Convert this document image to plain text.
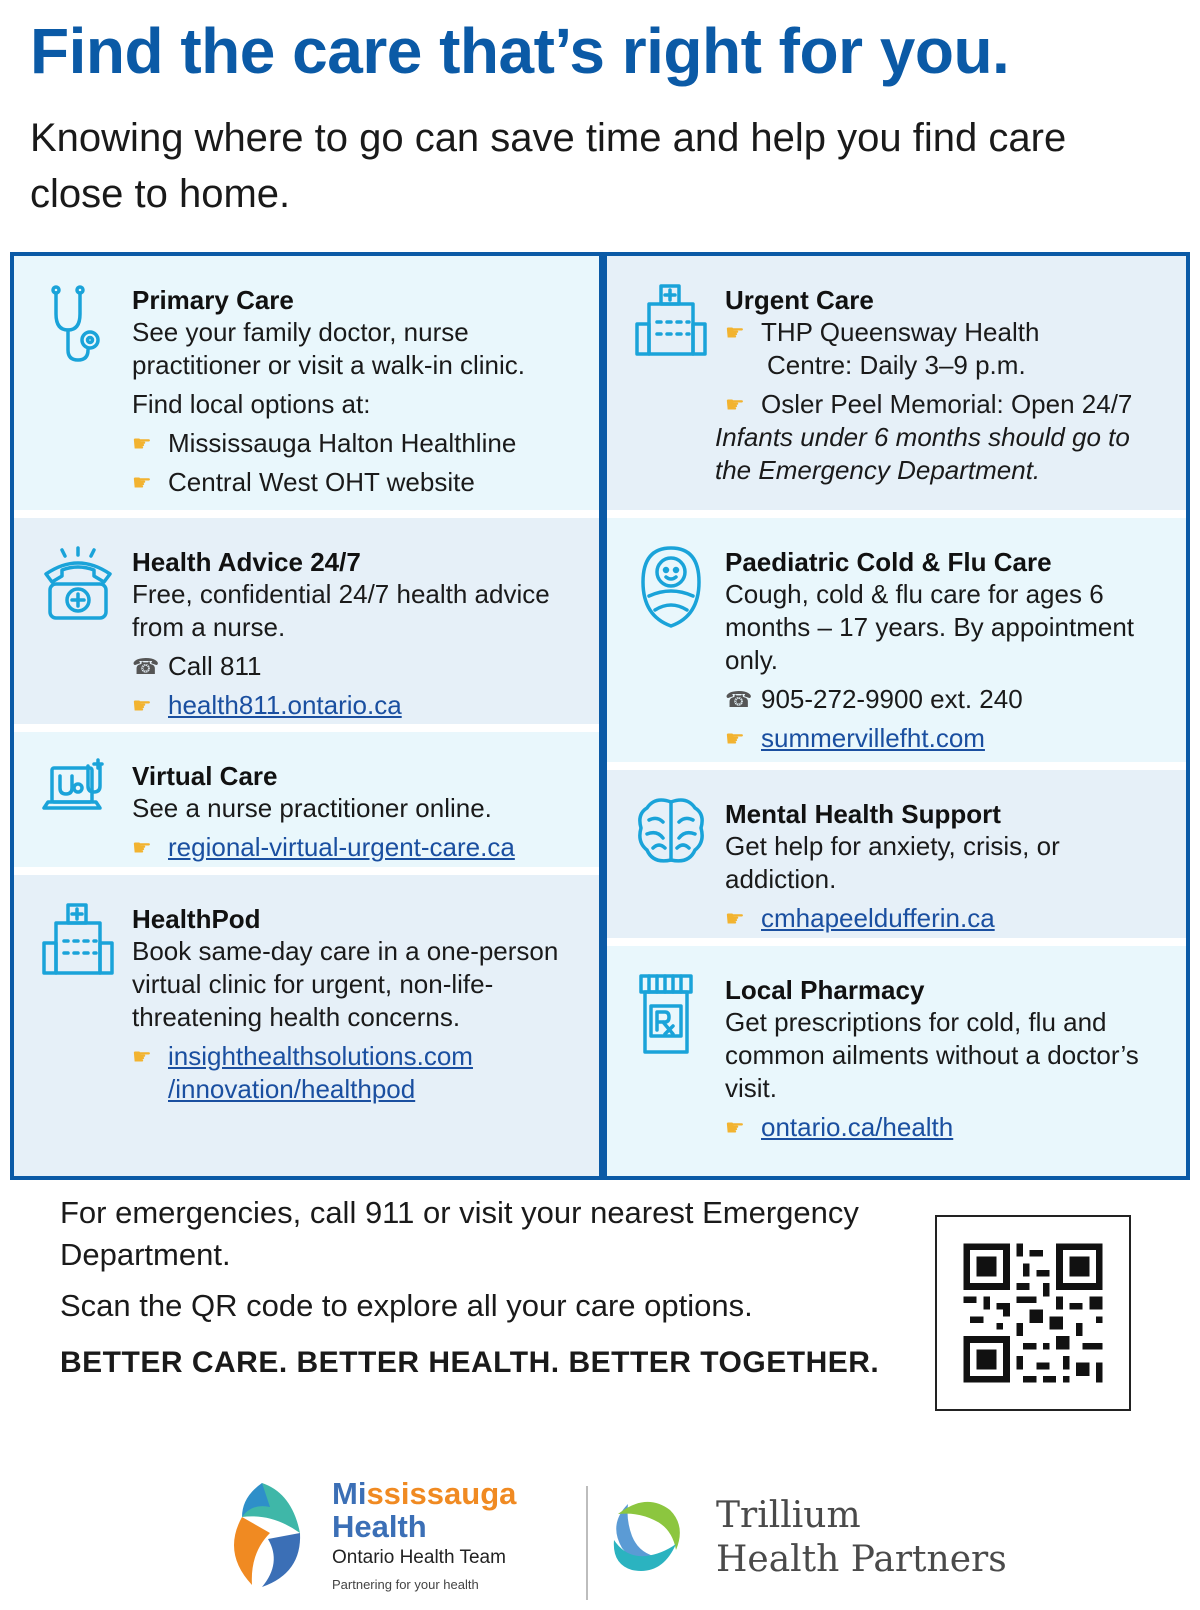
Find the care that’s right for you.
Knowing where to go can save time and help you find care close to home.
Primary Care

See your family doctor, nurse practitioner or visit a walk-in clinic.

Find local options at:

☛ Mississauga Halton Healthline
☛ Central West OHT website
Health Advice 24/7

Free, confidential 24/7 health advice from a nurse.

☎ Call 811
☛ health811.ontario.ca
Virtual Care

See a nurse practitioner online.

☛ regional-virtual-urgent-care.ca
HealthPod

Book same-day care in a one-person virtual clinic for urgent, non-life-threatening health concerns.

☛ insighthealthsolutions.com
/innovation/healthpod
Urgent Care
☛ THP Queensway Health
Centre: Daily 3–9 p.m.
☛ Osler Peel Memorial: Open 24/7

Infants under 6 months should go to the Emergency Department.

Paediatric Cold & Flu Care

Cough, cold & flu care for ages 6 months – 17 years. By appointment only.

☎ 905-272-9900 ext. 240
☛ summervillefht.com
Mental Health Support

Get help for anxiety, crisis, or addiction.

☛ cmhapeeldufferin.ca
Local Pharmacy

Get prescriptions for cold, flu and common ailments without a doctor’s visit.

☛ ontario.ca/health
For emergencies, call 911 or visit your nearest Emergency Department.
Scan the QR code to explore all your care options.
BETTER CARE. BETTER HEALTH. BETTER TOGETHER.
Mississauga
Health
Ontario Health Team
Partnering for your health
Trillium
Health Partners
